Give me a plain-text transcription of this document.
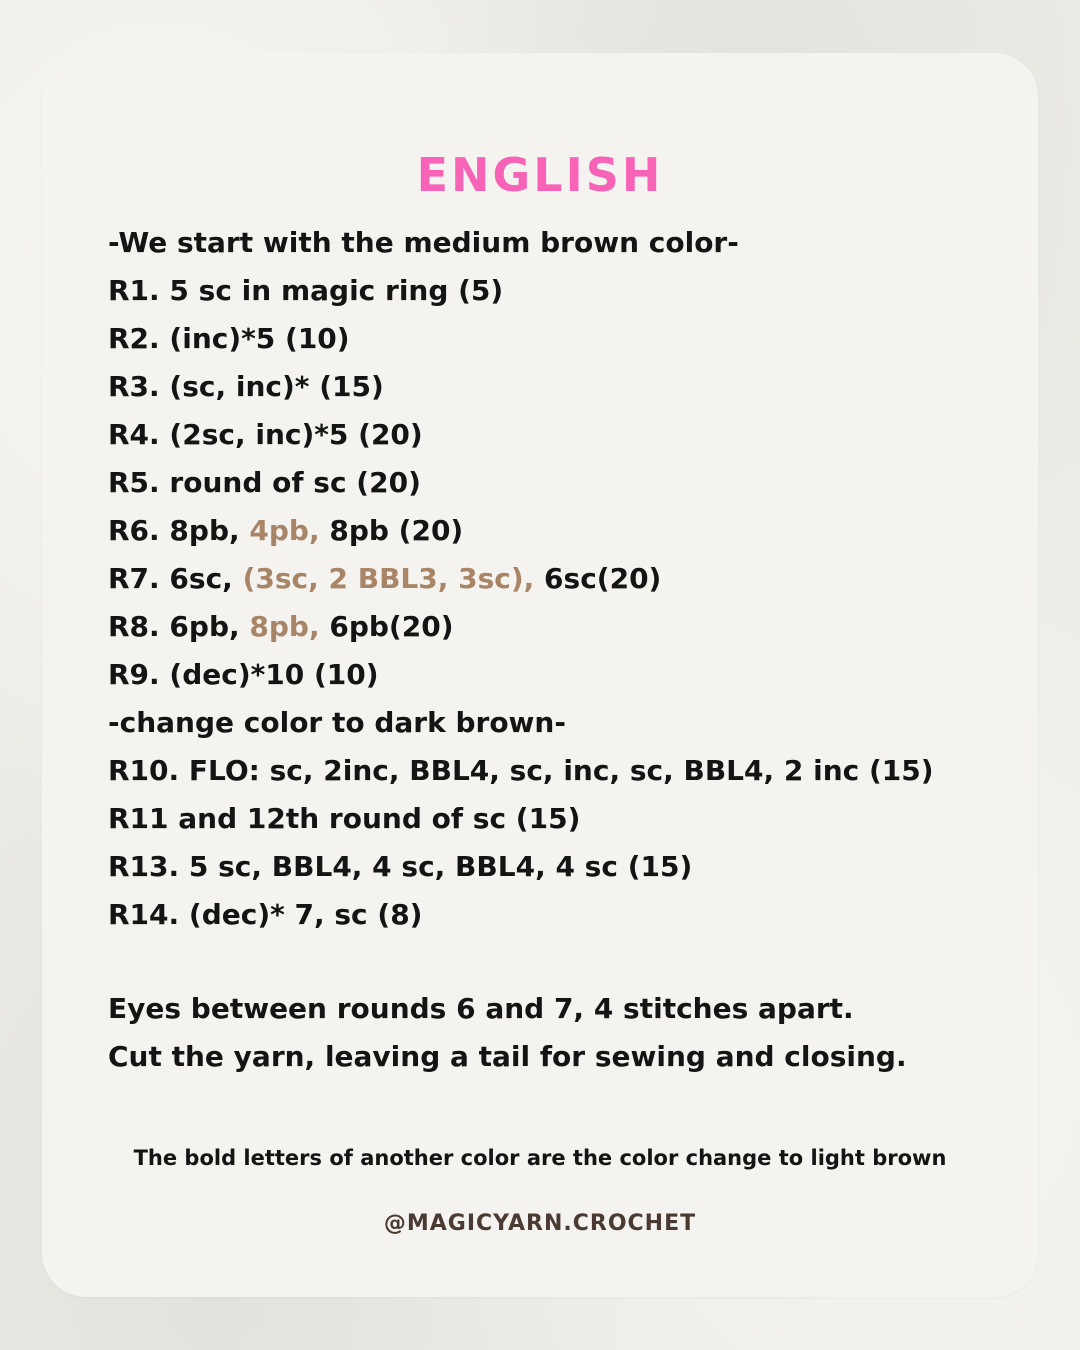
ENGLISH
-We start with the medium brown color-
R1. 5 sc in magic ring (5)
R2. (inc)*5 (10)
R3. (sc, inc)* (15)
R4. (2sc, inc)*5 (20)
R5. round of sc (20)
R6. 8pb, 4pb, 8pb (20)
R7. 6sc, (3sc, 2 BBL3, 3sc), 6sc(20)
R8. 6pb, 8pb, 6pb(20)
R9. (dec)*10 (10)
-change color to dark brown-
R10. FLO: sc, 2inc, BBL4, sc, inc, sc, BBL4, 2 inc (15)
R11 and 12th round of sc (15)
R13. 5 sc, BBL4, 4 sc, BBL4, 4 sc (15)
R14. (dec)* 7, sc (8)
Eyes between rounds 6 and 7, 4 stitches apart.
Cut the yarn, leaving a tail for sewing and closing.
The bold letters of another color are the color change to light brown
@MAGICYARN.CROCHET
